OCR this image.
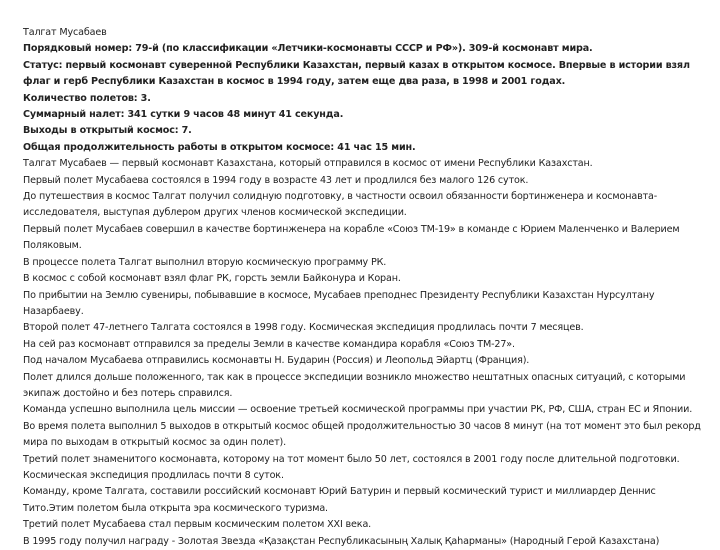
Талгат Мусабаев

Порядковый номер: 79-й (по классификации «Летчики-космонавты СССР и РФ»). 309-й космонавт мира.

Статус: первый космонавт суверенной Республики Казахстан, первый казах в открытом космосе. Впервые в истории взял флаг и герб Республики Казахстан в космос в 1994 году, затем еще два раза, в 1998 и 2001 годах.

Количество полетов: 3.

Суммарный налет: 341 сутки 9 часов 48 минут 41 секунда.

Выходы в открытый космос: 7.

Общая продолжительность работы в открытом космосе: 41 час 15 мин.

Талгат Мусабаев — первый космонавт Казахстана, который отправился в космос от имени Республики Казахстан.

Первый полет Мусабаева состоялся в 1994 году в возрасте 43 лет и продлился без малого 126 суток.

До путешествия в космос Талгат получил солидную подготовку, в частности освоил обязанности бортинженера и космонавта-исследователя, выступая дублером других членов космической экспедиции.

Первый полет Мусабаев совершил в качестве бортинженера на корабле «Союз ТМ-19» в команде с Юрием Маленченко и Валерием Поляковым.

В процессе полета Талгат выполнил вторую космическую программу РК.

В космос с собой космонавт взял флаг РК, горсть земли Байконура и Коран.

По прибытии на Землю сувениры, побывавшие в космосе, Мусабаев преподнес Президенту Республики Казахстан Нурсултану Назарбаеву.

Второй полет 47-летнего Талгата состоялся в 1998 году. Космическая экспедиция продлилась почти 7 месяцев.

На сей раз космонавт отправился за пределы Земли в качестве командира корабля «Союз ТМ-27».

Под началом Мусабаева отправились космонавты Н. Бударин (Россия) и Леопольд Эйартц (Франция).

Полет длился дольше положенного, так как в процессе экспедиции возникло множество нештатных опасных ситуаций, с которыми экипаж достойно и без потерь справился.

Команда успешно выполнила цель миссии — освоение третьей космической программы при участии РК, РФ, США, стран ЕС и Японии.

Во время полета выполнил 5 выходов в открытый космос общей продолжительностью 30 часов 8 минут (на тот момент это был рекорд мира по выходам в открытый космос за один полет).

Третий полет знаменитого космонавта, которому на тот момент было 50 лет, состоялся в 2001 году после длительной подготовки. Космическая экспедиция продлилась почти 8 суток.

Команду, кроме Талгата, составили российский космонавт Юрий Батурин и первый космический турист и миллиардер Деннис Тито.Этим полетом была открыта эра космического туризма.

Третий полет Мусабаева стал первым космическим полетом XXI века.

В 1995 году получил награду - Золотая Звезда «Қазақстан Республикасының Халық Қаһарманы» (Народный Герой Казахстана)
